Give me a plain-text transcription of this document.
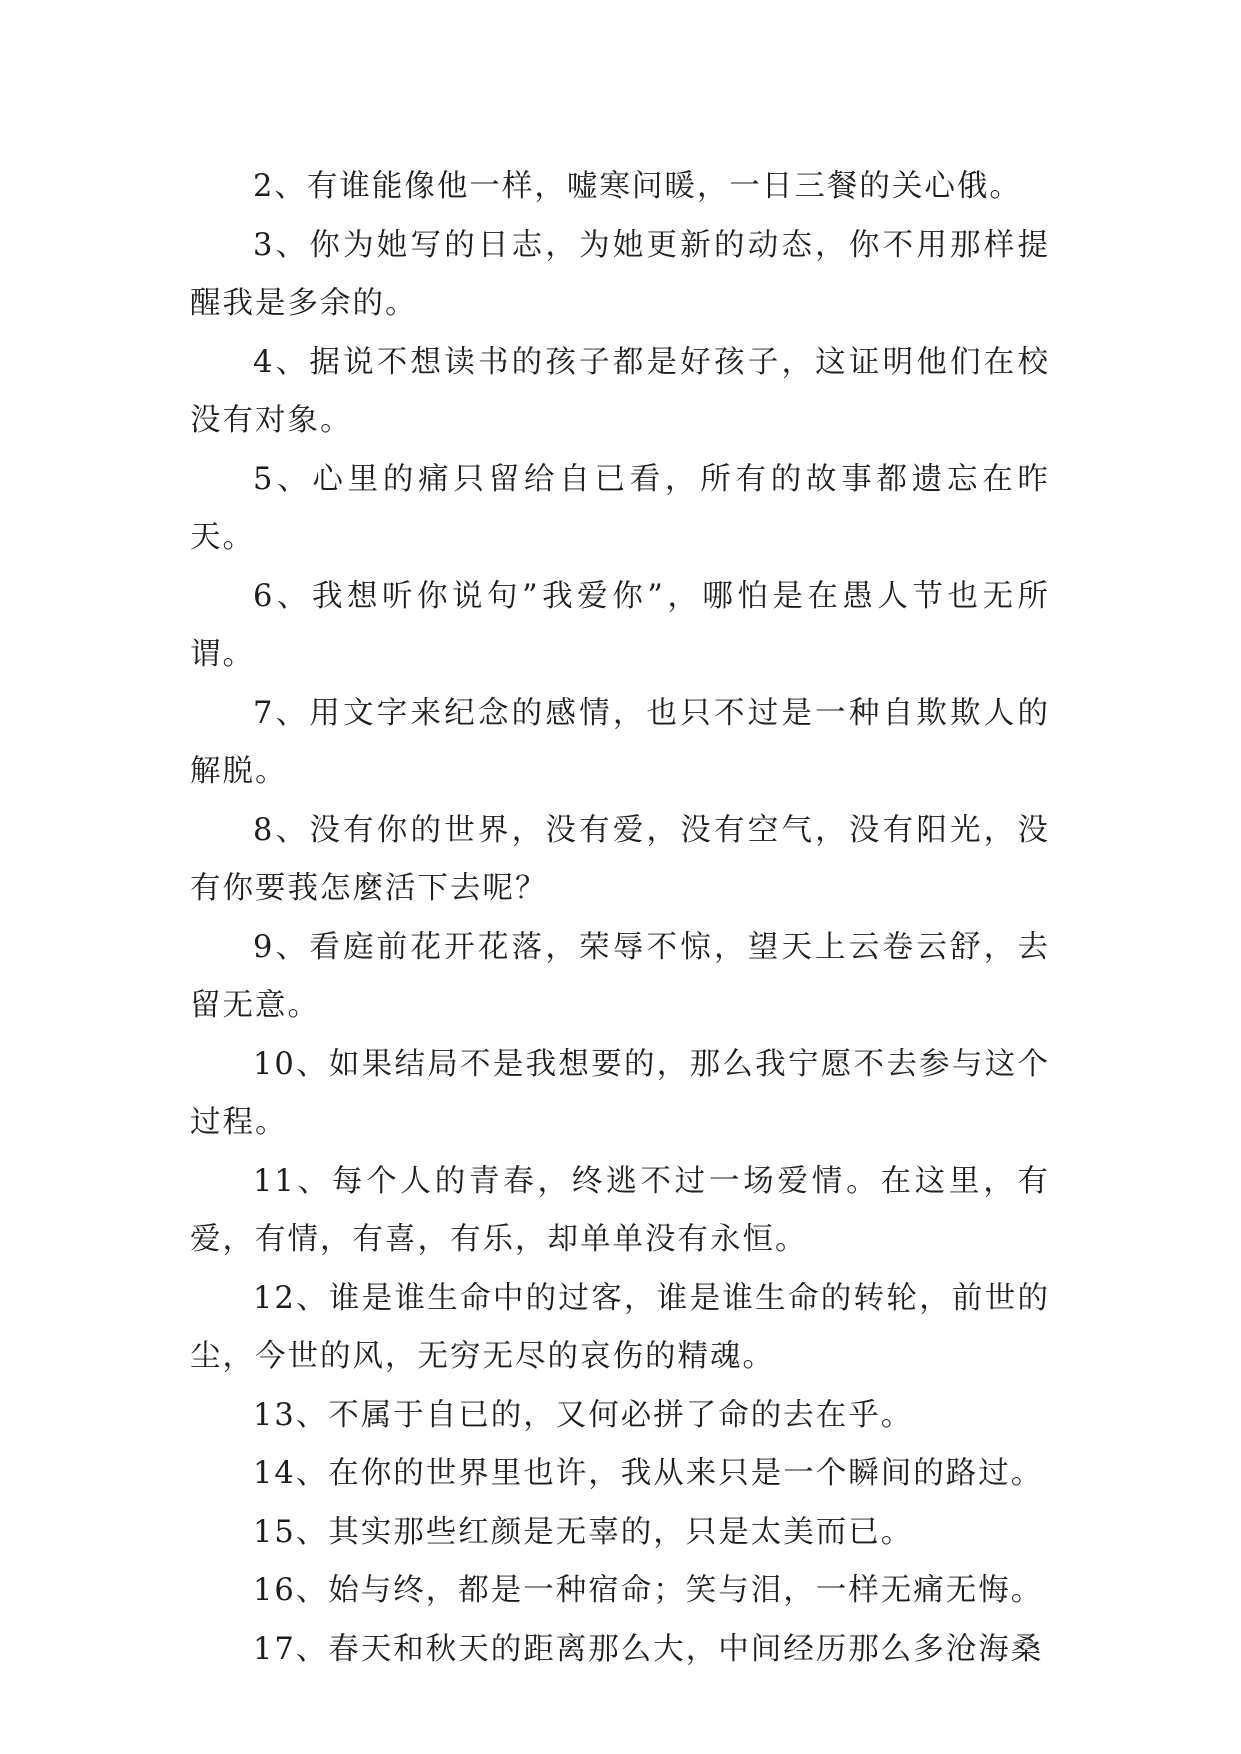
2、有谁能像他一样，嘘寒问暖，一日三餐的关心俄。

3、你为她写的日志，为她更新的动态，你不用那样提醒我是多余的。

4、据说不想读书的孩子都是好孩子，这证明他们在校没有对象。

5、心里的痛只留给自已看，所有的故事都遗忘在昨天。

6、我想听你说句”我爱你”，哪怕是在愚人节也无所谓。

7、用文字来纪念的感情，也只不过是一种自欺欺人的解脱。

8、没有你的世界，没有爱，没有空气，没有阳光，没有你要莪怎麼活下去呢？

9、看庭前花开花落，荣辱不惊，望天上云卷云舒，去留无意。

10、如果结局不是我想要的，那么我宁愿不去参与这个过程。

11、每个人的青春，终逃不过一场爱情。在这里，有爱，有情，有喜，有乐，却单单没有永恒。

12、谁是谁生命中的过客，谁是谁生命的转轮，前世的尘，今世的风，无穷无尽的哀伤的精魂。

13、不属于自已的，又何必拼了命的去在乎。

14、在你的世界里也许，我从来只是一个瞬间的路过。

15、其实那些红颜是无辜的，只是太美而已。

16、始与终，都是一种宿命；笑与泪，一样无痛无悔。

17、春天和秋天的距离那么大，中间经历那么多沧海桑
